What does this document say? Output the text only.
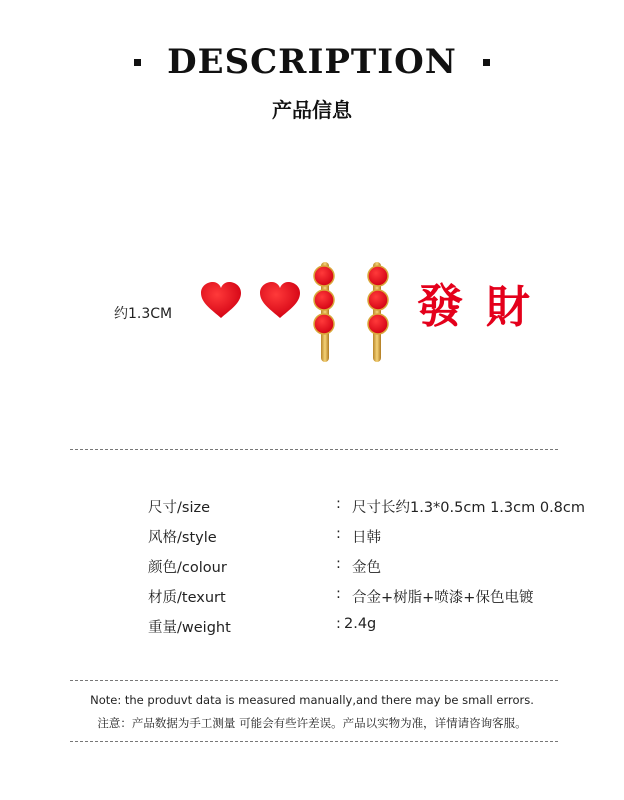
DESCRIPTION
产品信息
约1.3CM	發 財
尺寸/size	: 尺寸长约1.3*0.5cm 1.3cm 0.8cm
风格/style	: 日韩
颜色/colour	: 金色
材质/texurt	: 合金+树脂+喷漆+保色电镀
重量/weight	: 2.4g
Note: the produvt data is measured manually,and there may be small errors.
注意：产品数据为手工测量 可能会有些许差误。产品以实物为准，详情请咨询客服。
